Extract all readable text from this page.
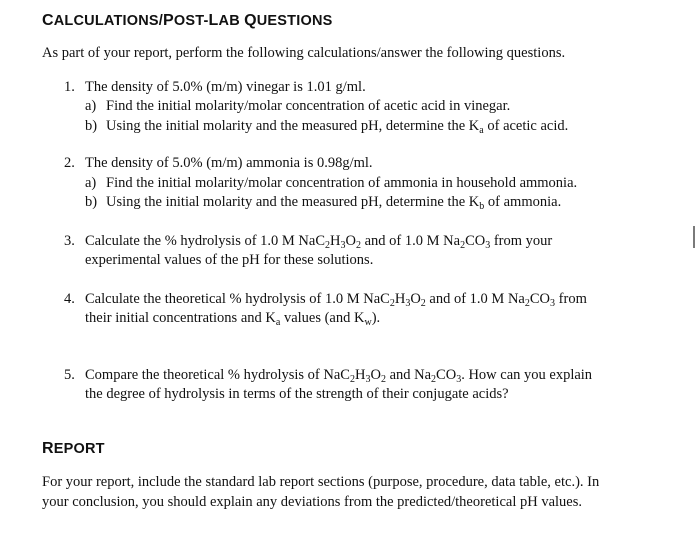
CALCULATIONS/POST-LAB QUESTIONS
As part of your report, perform the following calculations/answer the following questions.
1. The density of 5.0% (m/m) vinegar is 1.01 g/ml.
a) Find the initial molarity/molar concentration of acetic acid in vinegar.
b) Using the initial molarity and the measured pH, determine the $K_a$ of acetic acid.
2. The density of 5.0% (m/m) ammonia is 0.98g/ml.
a) Find the initial molarity/molar concentration of ammonia in household ammonia.
b) Using the initial molarity and the measured pH, determine the $K_b$ of ammonia.
3. Calculate the % hydrolysis of 1.0 M $NaC_2H_3O_2$ and of 1.0 M $Na_2CO_3$ from your
experimental values of the pH for these solutions.
4. Calculate the theoretical % hydrolysis of 1.0 M $NaC_2H_3O_2$ and of 1.0 M $Na_2CO_3$ from
their initial concentrations and $K_a$ values (and $K_w$).
5. Compare the theoretical % hydrolysis of $NaC_2H_3O_2$ and $Na_2CO_3$. How can you explain
the degree of hydrolysis in terms of the strength of their conjugate acids?
REPORT
For your report, include the standard lab report sections (purpose, procedure, data table, etc.). In your conclusion, you should explain any deviations from the predicted/theoretical pH values.
